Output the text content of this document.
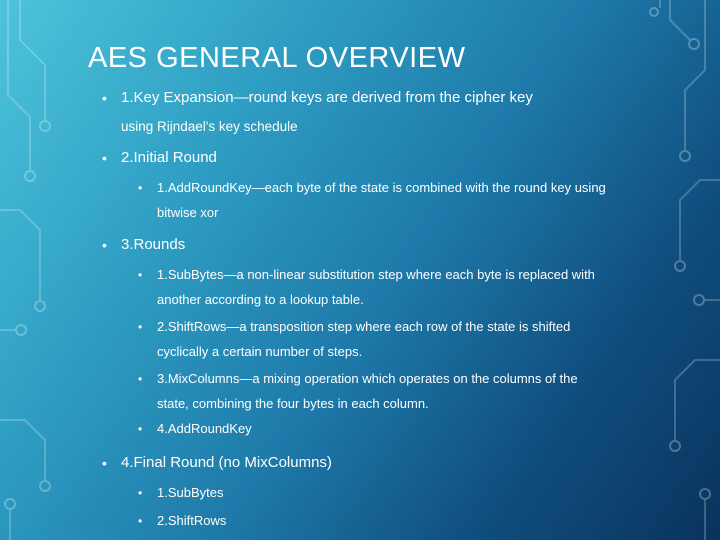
AES GENERAL OVERVIEW
• 1.Key Expansion—round keys are derived from the cipher key
using Rijndael's key schedule
• 2.Initial Round
• 1.AddRoundKey—each byte of the state is combined with the round key using bitwise xor
• 3.Rounds
• 1.SubBytes—a non-linear substitution step where each byte is replaced with another according to a lookup table.
• 2.ShiftRows—a transposition step where each row of the state is shifted cyclically a certain number of steps.
• 3.MixColumns—a mixing operation which operates on the columns of the state, combining the four bytes in each column.
• 4.AddRoundKey
• 4.Final Round (no MixColumns)
• 1.SubBytes
• 2.ShiftRows
